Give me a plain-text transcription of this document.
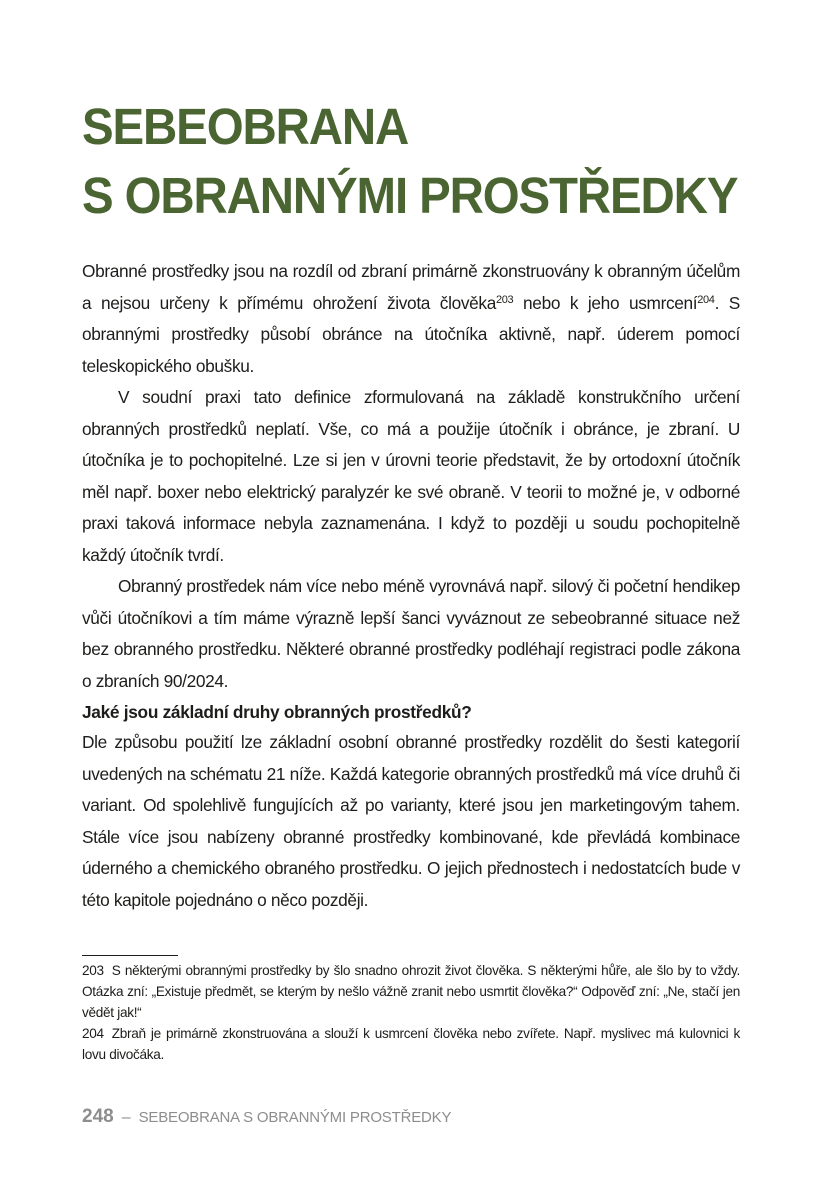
SEBEOBRANA
S OBRANNÝMI PROSTŘEDKY

Obranné prostředky jsou na rozdíl od zbraní primárně zkonstruovány k obranným účelům a nejsou určeny k přímému ohrožení života člověka$^{203}$ nebo k jeho usmrcení$^{204}$. S obrannými prostředky působí obránce na útočníka aktivně, např. úderem pomocí teleskopického obušku.

V soudní praxi tato definice zformulovaná na základě konstrukčního určení obranných prostředků neplatí. Vše, co má a použije útočník i obránce, je zbraní. U útočníka je to pochopitelné. Lze si jen v úrovni teorie představit, že by ortodoxní útočník měl např. boxer nebo elektrický paralyzér ke své obraně. V teorii to možné je, v odborné praxi taková informace nebyla zaznamenána. I když to později u soudu pochopitelně každý útočník tvrdí.

Obranný prostředek nám více nebo méně vyrovnává např. silový či početní hendikep vůči útočníkovi a tím máme výrazně lepší šanci vyváznout ze sebeobranné situace než bez obranného prostředku. Některé obranné prostředky podléhají registraci podle zákona o zbraních 90/2024.

Jaké jsou základní druhy obranných prostředků?

Dle způsobu použití lze základní osobní obranné prostředky rozdělit do šesti kategorií uvedených na schématu 21 níže. Každá kategorie obranných prostředků má více druhů či variant. Od spolehlivě fungujících až po varianty, které jsou jen marketingovým tahem. Stále více jsou nabízeny obranné prostředky kombinované, kde převládá kombinace úderného a chemického obraného prostředku. O jejich přednostech i nedostatcích bude v této kapitole pojednáno o něco později.

203 S některými obrannými prostředky by šlo snadno ohrozit život člověka. S některými hůře, ale šlo by to vždy. Otázka zní: „Existuje předmět, se kterým by nešlo vážně zranit nebo usmrtit člověka?“ Odpověď zní: „Ne, stačí jen vědět jak!“

204 Zbraň je primárně zkonstruována a slouží k usmrcení člověka nebo zvířete. Např. myslivec má kulovnici k lovu divočáka.

248 – SEBEOBRANA S OBRANNÝMI PROSTŘEDKY
